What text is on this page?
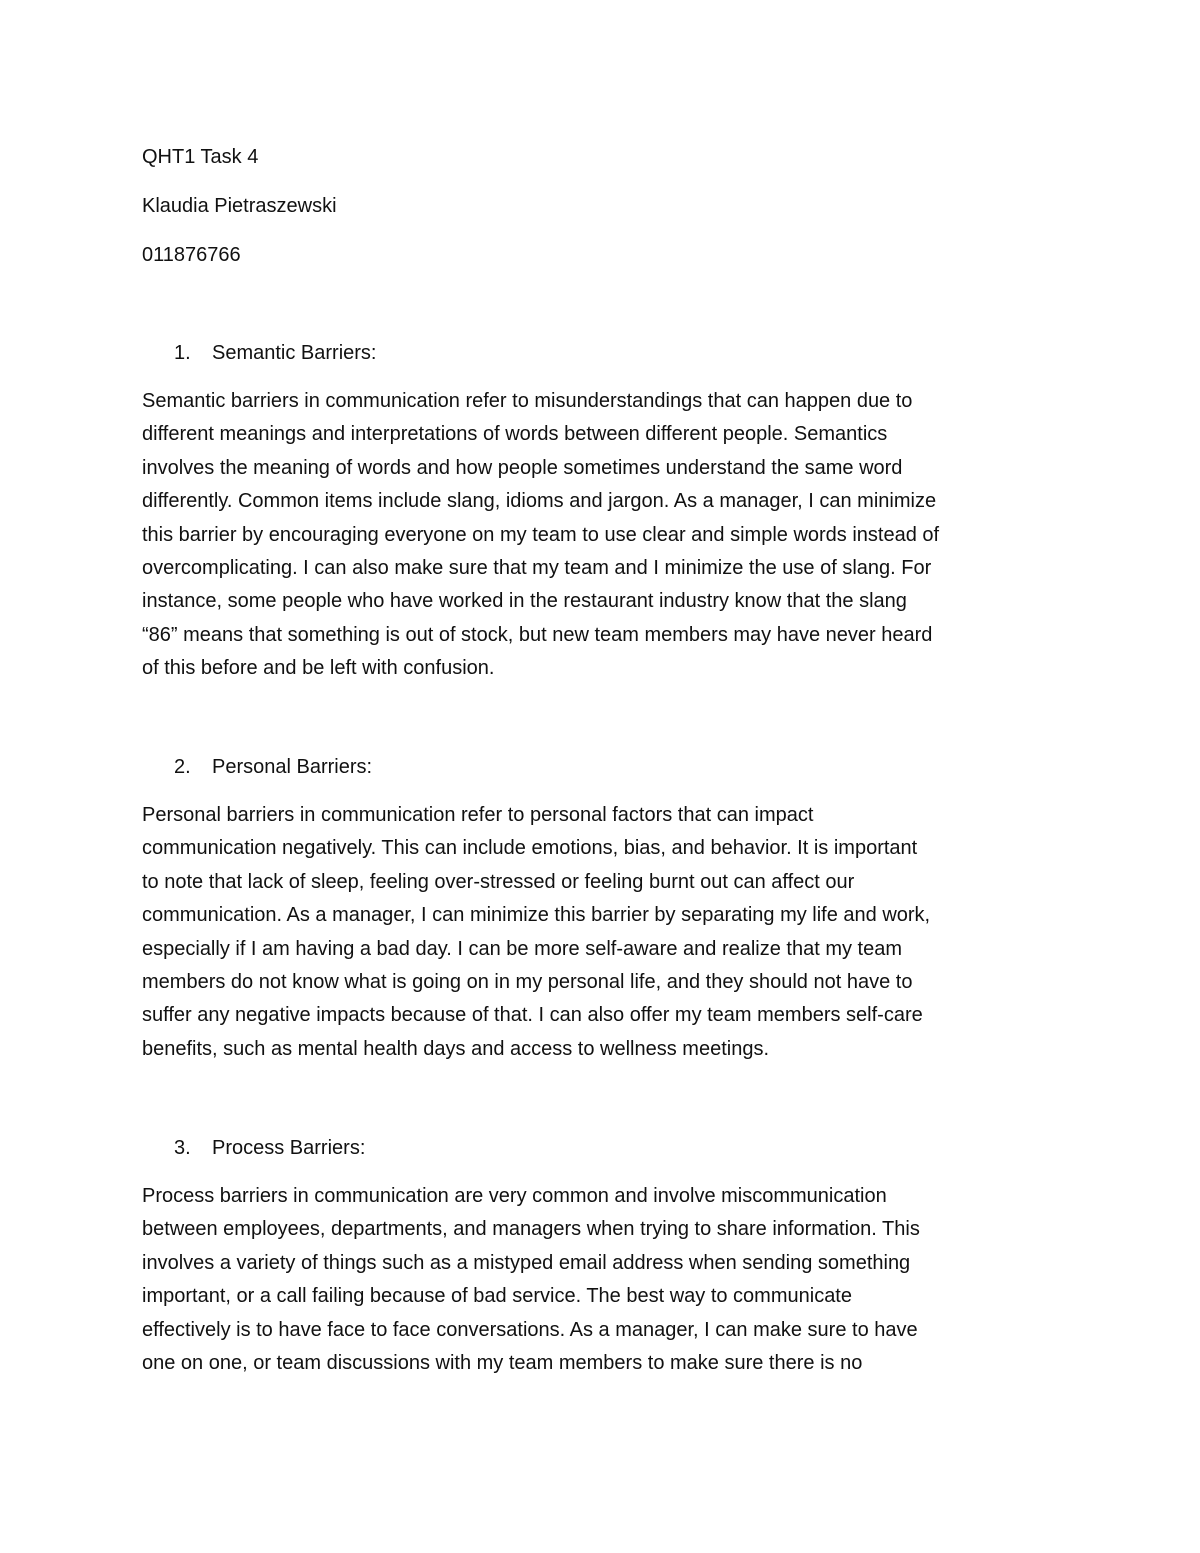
QHT1 Task 4

Klaudia Pietraszewski

011876766

1. Semantic Barriers:

Semantic barriers in communication refer to misunderstandings that can happen due to
different meanings and interpretations of words between different people. Semantics
involves the meaning of words and how people sometimes understand the same word
differently. Common items include slang, idioms and jargon. As a manager, I can minimize
this barrier by encouraging everyone on my team to use clear and simple words instead of
overcomplicating. I can also make sure that my team and I minimize the use of slang. For
instance, some people who have worked in the restaurant industry know that the slang
“86” means that something is out of stock, but new team members may have never heard
of this before and be left with confusion.

2. Personal Barriers:

Personal barriers in communication refer to personal factors that can impact
communication negatively. This can include emotions, bias, and behavior. It is important
to note that lack of sleep, feeling over-stressed or feeling burnt out can affect our
communication. As a manager, I can minimize this barrier by separating my life and work,
especially if I am having a bad day. I can be more self-aware and realize that my team
members do not know what is going on in my personal life, and they should not have to
suffer any negative impacts because of that. I can also offer my team members self-care
benefits, such as mental health days and access to wellness meetings.

3. Process Barriers:

Process barriers in communication are very common and involve miscommunication
between employees, departments, and managers when trying to share information. This
involves a variety of things such as a mistyped email address when sending something
important, or a call failing because of bad service. The best way to communicate
effectively is to have face to face conversations. As a manager, I can make sure to have
one on one, or team discussions with my team members to make sure there is no
